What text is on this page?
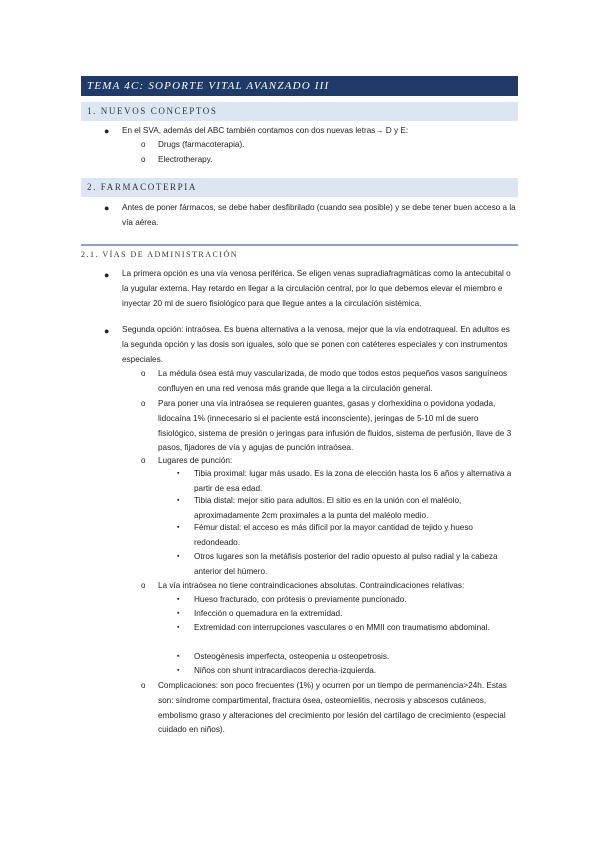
TEMA 4C: SOPORTE VITAL AVANZADO III
1. NUEVOS CONCEPTOS
● En el SVA, además del ABC también contamos con dos nuevas letras→ D y E:
o Drugs (farmacoterapia).
o Electrotherapy.
2. FARMACOTERPIA
● Antes de poner fármacos, se debe haber desfibrilado (cuando sea posible) y se debe tener buen acceso a la vía aérea.
2.1. VÍAS DE ADMINISTRACIÓN
● La primera opción es una vía venosa periférica. Se eligen venas supradiafragmáticas como la antecubital o la yugular externa. Hay retardo en llegar a la circulación central, por lo que debemos elevar el miembro e inyectar 20 ml de suero fisiológico para que llegue antes a la circulación sistémica.
● Segunda opción: intraósea. Es buena alternativa a la venosa, mejor que la vía endotraqueal. En adultos es la segunda opción y las dosis son iguales, solo que se ponen con catéteres especiales y con instrumentos especiales.
o La médula ósea está muy vascularizada, de modo que todos estos pequeños vasos sanguíneos confluyen en una red venosa más grande que llega a la circulación general.
o Para poner una vía intraósea se requieren guantes, gasas y clorhexidina o povidona yodada, lidocaína 1% (innecesario si el paciente está inconsciente), jeringas de 5-10 ml de suero fisiológico, sistema de presión o jeringas para infusión de fluidos, sistema de perfusión, llave de 3 pasos, fijadores de vía y agujas de punción intraósea.
o Lugares de punción:
▪ Tibia proximal: lugar más usado. Es la zona de elección hasta los 6 años y alternativa a partir de esa edad.
▪ Tibia distal: mejor sitio para adultos. El sitio es en la unión con el maléolo, aproximadamente 2cm proximales a la punta del maléolo medio.
▪ Fémur distal: el acceso es más difícil por la mayor cantidad de tejido y hueso redondeado.
▪ Otros lugares son la metáfisis posterior del radio opuesto al pulso radial y la cabeza anterior del húmero.
o La vía intraósea no tiene contraindicaciones absolutas. Contraindicaciones relativas:
▪ Hueso fracturado, con prótesis o previamente puncionado.
▪ Infección o quemadura en la extremidad.
▪ Extremidad con interrupciones vasculares o en MMII con traumatismo abdominal.
▪ Osteogénesis imperfecta, osteopenia u osteopetrosis.
▪ Niños con shunt intracardiacos derecha-izquierda.
o Complicaciones: son poco frecuentes (1%) y ocurren por un tiempo de permanencia>24h. Estas son: síndrome compartimental, fractura ósea, osteomielitis, necrosis y abscesos cutáneos, embolismo graso y alteraciones del crecimiento por lesión del cartílago de crecimiento (especial cuidado en niños).
